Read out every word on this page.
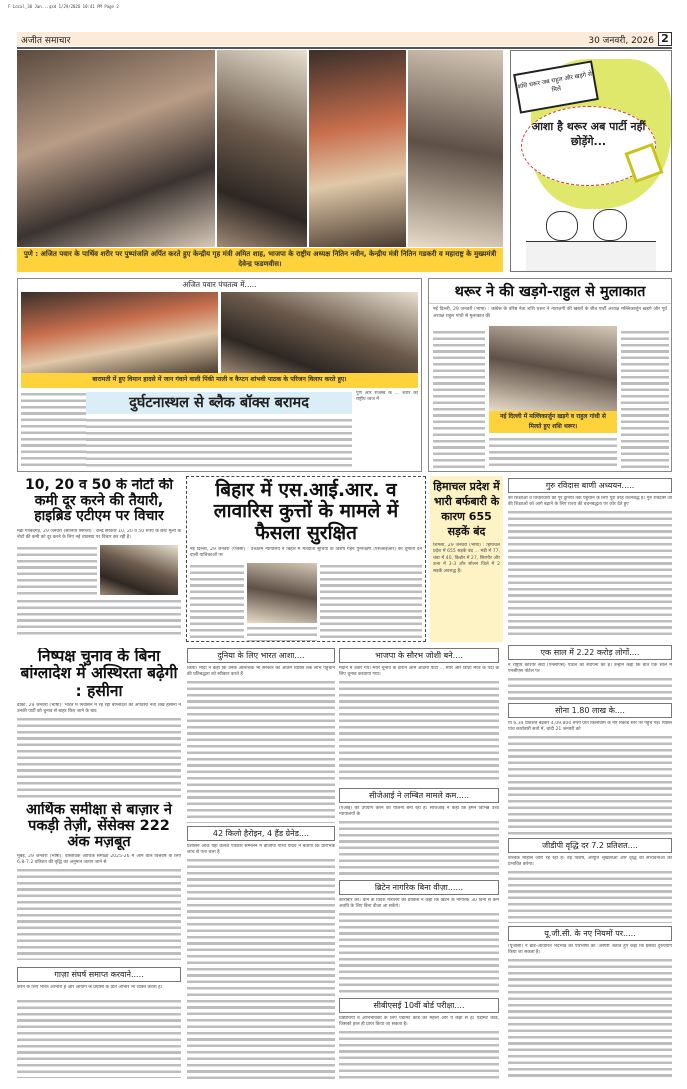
F Local_30 Jan...qxd 1/29/2026 10:41 PM Page 2
अजीत समाचार	30 जनवरी, 2026 2
पुणे : अजित पवार के पार्थिव शरीर पर पुष्पांजलि अर्पित करते हुए केन्द्रीय गृह मंत्री अमित शाह, भाजपा के राष्ट्रीय अध्यक्ष नितिन नवीन, केन्द्रीय मंत्री नितिन गडकरी व महाराष्ट्र के मुख्यमंत्री देवेन्द्र फडणवीस।
शशि थरूर जब राहुल और खड़गे से मिले
आशा है थरूर अब पार्टी नहीं छोड़ेंगे...
अजित पवार पंचतत्व में.....
बारामती में हुए विमान हादसे में जान गंवाने वाली पिंकी माली व कैप्टन शांभवी पाठक के परिजन विलाप करते हुए।
दुर्घटनास्थल से ब्लैक बॉक्स बरामद
पुणे और राजस्व के ... शरीर को राष्ट्रीय ध्वज में
थरूर ने की खड़गे-राहुल से मुलाकात
नई दिल्ली, 29 जनवरी (भाषा) : कांग्रेस के वरिष्ठ नेता शशि थरूर ने नाराज़गी की खबरों के बीच पार्टी अध्यक्ष मल्लिकार्जुन खड़गे और पूर्व अध्यक्ष राहुल गांधी से मुलाकात की
नई दिल्ली में मल्लिकार्जुन खड़गे व राहुल गांधी से मिलते हुए शशि थरूर।
10, 20 व 50 के नोटों की कमी दूर करने की तैयारी, हाइब्रिड एटीएम पर विचार
मंडी गोबिंदगढ़, 29 जनवरी (सोनिया सिंगला) : केन्द्र सरकार 10, 20 व 50 रुपये के छोटे मूल्य के नोटों की कमी को दूर करने के लिए नई व्यवस्था पर विचार कर रही है।
बिहार में एस.आई.आर. व लावारिस कुत्तों के मामले में फैसला सुरक्षित
नई दिल्ली, 29 जनवरी (एजेंसी) : उच्चतम न्यायालय ने बिहार में मतदाता सूचियों के विशेष गहन पुनरीक्षण (एसआईआर) को चुनौती देने वाली याचिकाओं पर
हिमाचल प्रदेश में भारी बर्फबारी के कारण 655 सड़कें बंद
शिमला, 29 जनवरी (भाषा) : हिमाचल प्रदेश में 655 सड़कें बंद ... मंडी में 77, चंबा में 40, किन्नौर में 27, सिरमौर और ऊना में 3-3 और सोलन जिले में 2 सड़कें अवरुद्ध हैं।
गुरु रविदास बाणी अध्ययन.....
की शिक्षाओं व विचारधारा को पूरे दुनिया तक पहुंचाने के लिए पूरी तरह वचनबद्ध है। गुरु रविदास जी की शिक्षाओं को आगे बढ़ाने के लिए राज्य की वचनबद्धता पर ज़ोर देते हुए
निष्पक्ष चुनाव के बिना बांग्लादेश में अस्थिरता बढ़ेगी : हसीना
ढाका, 29 जनवरी (भाषा): भारत में निर्वासन में रह रही बांग्लादेश की अपदस्थ नेता शेख हसीना ने उनकी पार्टी को चुनाव से बाहर किए जाने के बाद
आर्थिक समीक्षा से बाज़ार ने पकड़ी तेज़ी, सेंसेक्स 222 अंक मज़बूत
मुंबई, 29 जनवरी (भाषा): वास्तविक आर्थिक समीक्षा 2025-26 में आने वाले वित्तवर्ष के लिए 6.8-7.2 प्रतिशत की वृद्धि का अनुमान जताए जाने से
गाज़ा संघर्ष समाप्त करवाने.....
करने के लिए भारत आभारी है और आयोग के प्रयासों के प्रति आभार भी व्यक्त करता है।
दुनिया के लिए भारत आशा....
किया। मोदी ने कहा कि उनके आलोचक भी सरकार को अंतिम व्यक्ति तक लाभ पहुंचाने की प्रतिबद्धता को स्वीकार करते हैं
42 किलो हैरोइन, 4 हैंड ग्रेनेड....
प्रशासन आज यहां कलश पत्रकार सम्मेलन में डीजीपी गौरव यादव ने बताया कि प्रारंभिक जांच से पता चला है
भाजपा के सौरभ जोशी बने....
मैदान में उतारे गये। मेयर चुनाव के दौरान आम आदमी पार्टी ... मेयर और डिप्टी मेयर के पदों के लिए चुनाव करवाया गया।
सीजेआई ने लम्बित मामले कम.....
(एआई) का उपयोग करने की योजना बना रहा है। सीजेआई ने कहा कि हमने विभिन्न उच्च न्यायालयों के
ब्रिटेन नागरिक बिना वीज़ा......
कारोबार को। चीन के विदेश मंत्रालय की प्रवक्ता ने कहा कि ब्रिटेन के नागरिक 30 दिनों से कम अवधि के लिए बिना वीज़ा आ सकेंगे।
सीबीएसई 10वीं बोर्ड परीक्षा....
विद्यार्थियों व अभिभावकों के लिए एडमिट कार्ड की महत्ता और ये कहां से है। एडमिट कार्ड, जिसको हाल ही प्राप्त किया जा सकता है।
एक साल में 2.22 करोड़ लोगों....
ने राष्ट्रीय कैरियर सेवा (एनसीएस) पोर्टल की स्थापना की है। उन्होंने कहा कि बीते एक साल में एनसीएस पोर्टल पर
सोना 1.80 लाख के....
या 6.34 प्रतिशत बढ़कर 4,09,800 रुपये प्रति किलोग्राम के नए रिकॉर्ड स्तर पर पहुंच गई। पिछले पांच कारोबारी सत्रों में, चांदी 21 जनवरी को
जीडीपी वृद्धि दर 7.2 प्रतिशत....
वैश्विक माहौल जारी रह रहा है। वह विशेष, आपूर्ति श्रृंखलाओं और वृद्धि की संभावनाओं को प्रभावित करेगा।
यू.जी.सी. के नए नियमों पर.....
(यूजीसी) ने ब्रांड-आधारित भेदभाव की परिभाषा को 'अस्पष्ट' बताते हुए कहा कि इसका दुरुपयोग किया जा सकता है।
